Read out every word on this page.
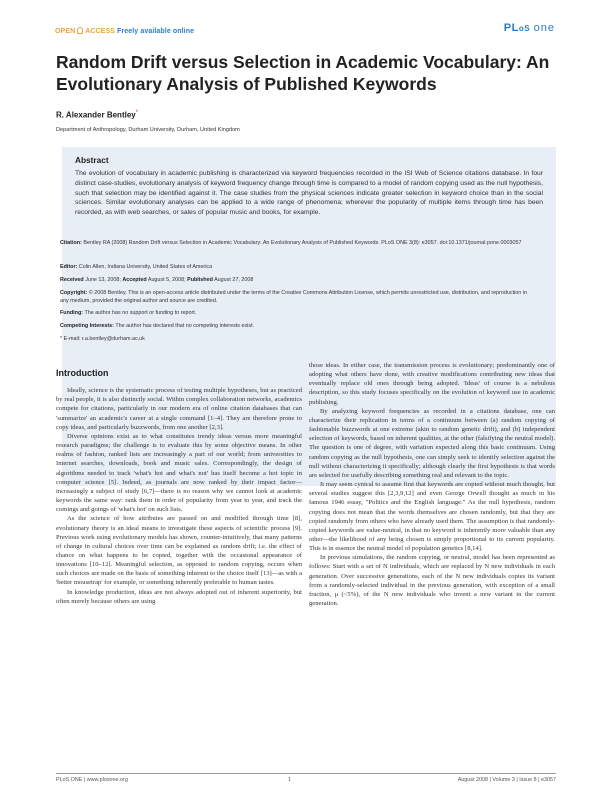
OPEN ACCESS Freely available online	PLoS one
Random Drift versus Selection in Academic Vocabulary: An Evolutionary Analysis of Published Keywords
R. Alexander Bentley*
Department of Anthropology, Durham University, Durham, United Kingdom
Abstract
The evolution of vocabulary in academic publishing is characterized via keyword frequencies recorded in the ISI Web of Science citations database. In four distinct case-studies, evolutionary analysis of keyword frequency change through time is compared to a model of random copying used as the null hypothesis, such that selection may be identified against it. The case studies from the physical sciences indicate greater selection in keyword choice than in the social sciences. Similar evolutionary analyses can be applied to a wide range of phenomena; wherever the popularity of multiple items through time has been recorded, as with web searches, or sales of popular music and books, for example.
Citation: Bentley RA (2008) Random Drift versus Selection in Academic Vocabulary: An Evolutionary Analysis of Published Keywords. PLoS ONE 3(8): e3057. doi:10.1371/journal.pone.0003057
Editor: Colin Allen, Indiana University, United States of America
Received June 13, 2008; Accepted August 5, 2008; Published August 27, 2008
Copyright: © 2008 Bentley. This is an open-access article distributed under the terms of the Creative Commons Attribution License, which permits unrestricted use, distribution, and reproduction in any medium, provided the original author and source are credited.
Funding: The author has no support or funding to report.
Competing Interests: The author has declared that no competing interests exist.
* E-mail: r.a.bentley@durham.ac.uk
Introduction

Ideally, science is the systematic process of testing multiple hypotheses, but as practiced by real people, it is also distinctly social. Within complex collaboration networks, academics compete for citations, particularly in our modern era of online citation databases that can 'summarize' an academic's career at a single command [1–4]. They are therefore prone to copy ideas, and particularly buzzwords, from one another [2,3].

Diverse opinions exist as to what constitutes trendy ideas versus more meaningful research paradigms; the challenge is to evaluate this by some objective means. In other realms of fashion, ranked lists are increasingly a part of our world; from universities to Internet searches, downloads, book and music sales. Correspondingly, the design of algorithms needed to track 'what's hot and what's not' has itself become a hot topic in computer science [5]. Indeed, as journals are now ranked by their impact factor—increasingly a subject of study [6,7]—there is no reason why we cannot look at academic keywords the same way: rank them in order of popularity from year to year, and track the comings and goings of 'what's hot' on such lists.

As the science of how attributes are passed on and modified through time [8], evolutionary theory is an ideal means to investigate these aspects of scientific process [9]. Previous work using evolutionary models has shown, counter-intuitively, that many patterns of change in cultural choices over time can be explained as random drift; i.e. the effect of chance on what happens to be copied, together with the occasional appearance of innovations [10–12]. Meaningful selection, as opposed to random copying, occurs when such choices are made on the basis of something inherent to the choice itself [13]—as with a 'better mousetrap' for example, or something inherently preferable to human tastes.

In knowledge production, ideas are not always adopted out of inherent superiority, but often merely because others are using

those ideas. In either case, the transmission process is evolutionary; predominantly one of adopting what others have done, with creative modifications contributing new ideas that eventually replace old ones through being adopted. 'Ideas' of course is a nebulous description, so this study focuses specifically on the evolution of keyword use in academic publishing.

By analyzing keyword frequencies as recorded in a citations database, one can characterize their replication in terms of a continuum between (a) random copying of fashionable buzzwords at one extreme (akin to random genetic drift), and (b) independent selection of keywords, based on inherent qualities, at the other (falsifying the neutral model). The question is one of degree, with variation expected along this basic continuum. Using random copying as the null hypothesis, one can simply seek to identify selection against the null without characterizing it specifically; although clearly the first hypothesis is that words are selected for usefully describing something real and relevant to the topic.

It may seem cynical to assume first that keywords are copied without much thought, but several studies suggest this [2,3,9,12] and even George Orwell thought as much in his famous 1946 essay, "Politics and the English language." As the null hypothesis, random copying does not mean that the words themselves are chosen randomly, but that they are copied randomly from others who have already used them. The assumption is that randomly-copied keywords are value-neutral, in that no keyword is inherently more valuable than any other—the likelihood of any being chosen is simply proportional to its current popularity. This is in essence the neutral model of population genetics [8,14].

In previous simulations, the random copying, or neutral, model has been represented as follows: Start with a set of N individuals, which are replaced by N new individuals in each generation. Over successive generations, each of the N new individuals copies its variant from a randomly-selected individual in the previous generation, with exception of a small fraction, μ (<5%), of the N new individuals who invent a new variant in the current generation.

PLoS ONE | www.plosone.org	1	August 2008 | Volume 3 | Issue 8 | e3057
